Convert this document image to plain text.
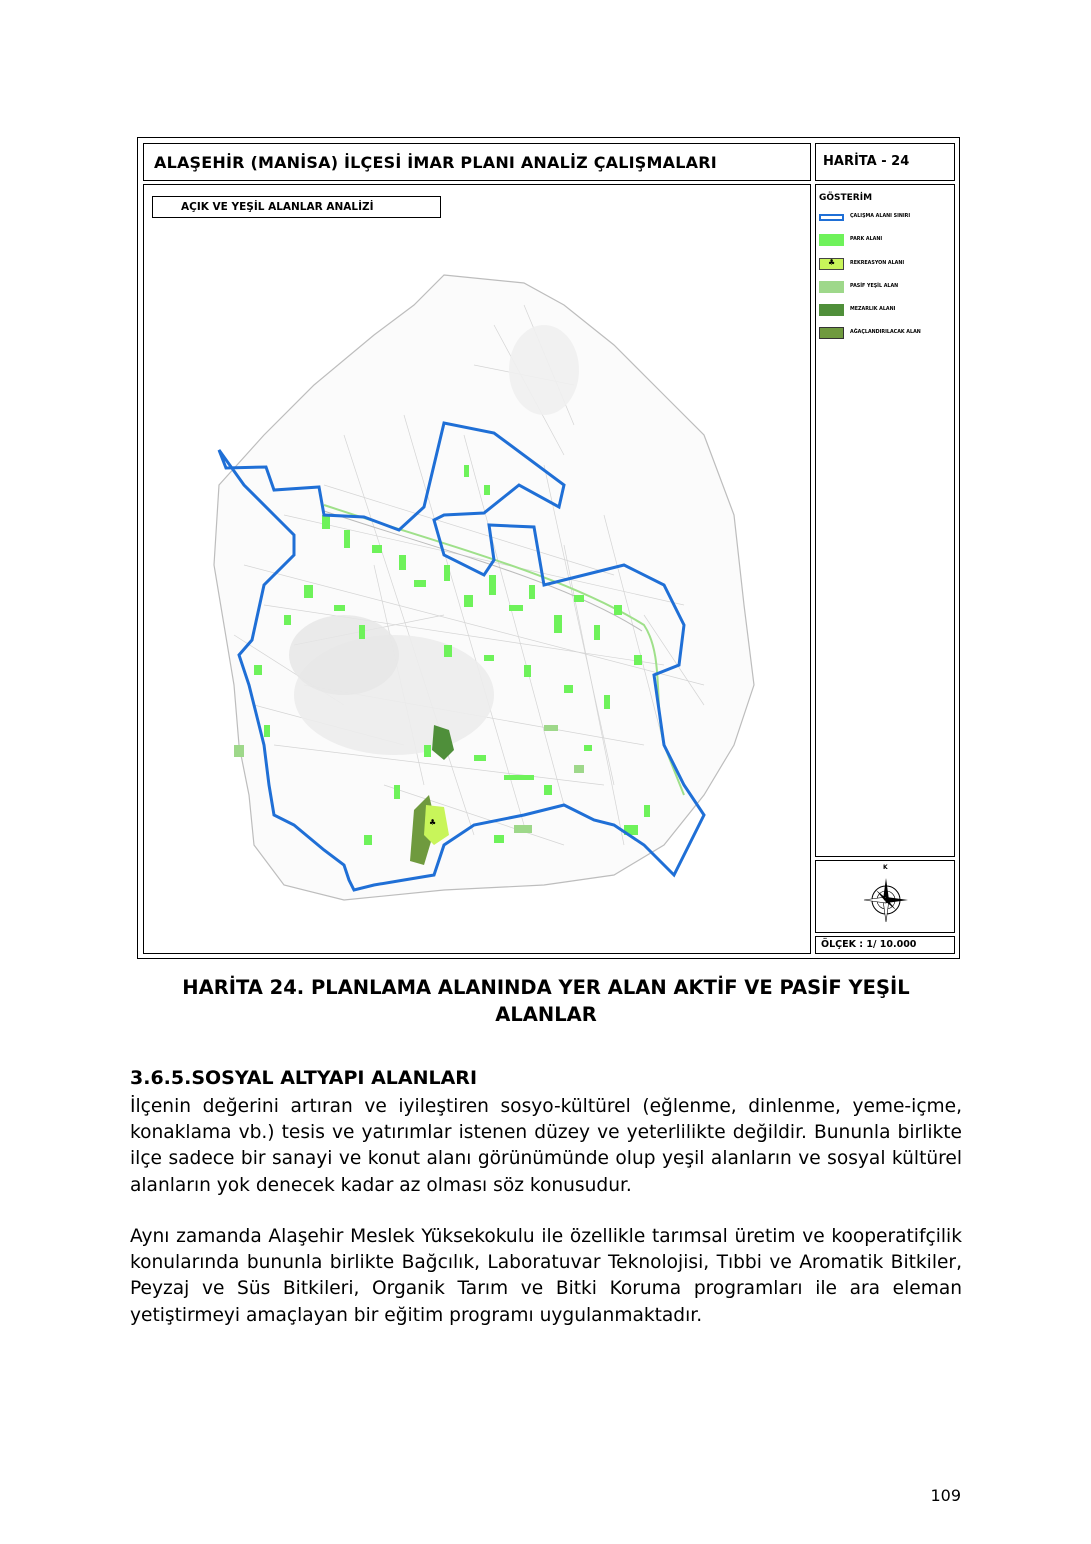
ALAŞEHİR (MANİSA) İLÇESİ İMAR PLANI ANALİZ ÇALIŞMALARI	HARİTA - 24
♣
AÇIK VE YEŞİL ALANLAR ANALİZİ
GÖSTERİM
ÇALIŞMA ALANI SINIRI
PARK ALANI
♣	REKREASYON ALANI
PASİF YEŞİL ALAN
MEZARLIK ALANI
AĞAÇLANDIRILACAK ALAN
K
ÖLÇEK : 1/ 10.000
HARİTA 24. PLANLAMA ALANINDA YER ALAN AKTİF VE PASİF YEŞİL
ALANLAR
3.6.5.SOSYAL ALTYAPI ALANLARI

İlçenin değerini artıran ve iyileştiren sosyo-kültürel (eğlenme, dinlenme, yeme-içme, konaklama vb.) tesis ve yatırımlar istenen düzey ve yeterlilikte değildir. Bununla birlikte ilçe sadece bir sanayi ve konut alanı görünümünde olup yeşil alanların ve sosyal kültürel alanların yok denecek kadar az olması söz konusudur.

Aynı zamanda Alaşehir Meslek Yüksekokulu ile özellikle tarımsal üretim ve kooperatifçilik konularında bununla birlikte Bağcılık, Laboratuvar Teknolojisi, Tıbbi ve Aromatik Bitkiler, Peyzaj ve Süs Bitkileri, Organik Tarım ve Bitki Koruma programları ile ara eleman yetiştirmeyi amaçlayan bir eğitim programı uygulanmaktadır.

109
